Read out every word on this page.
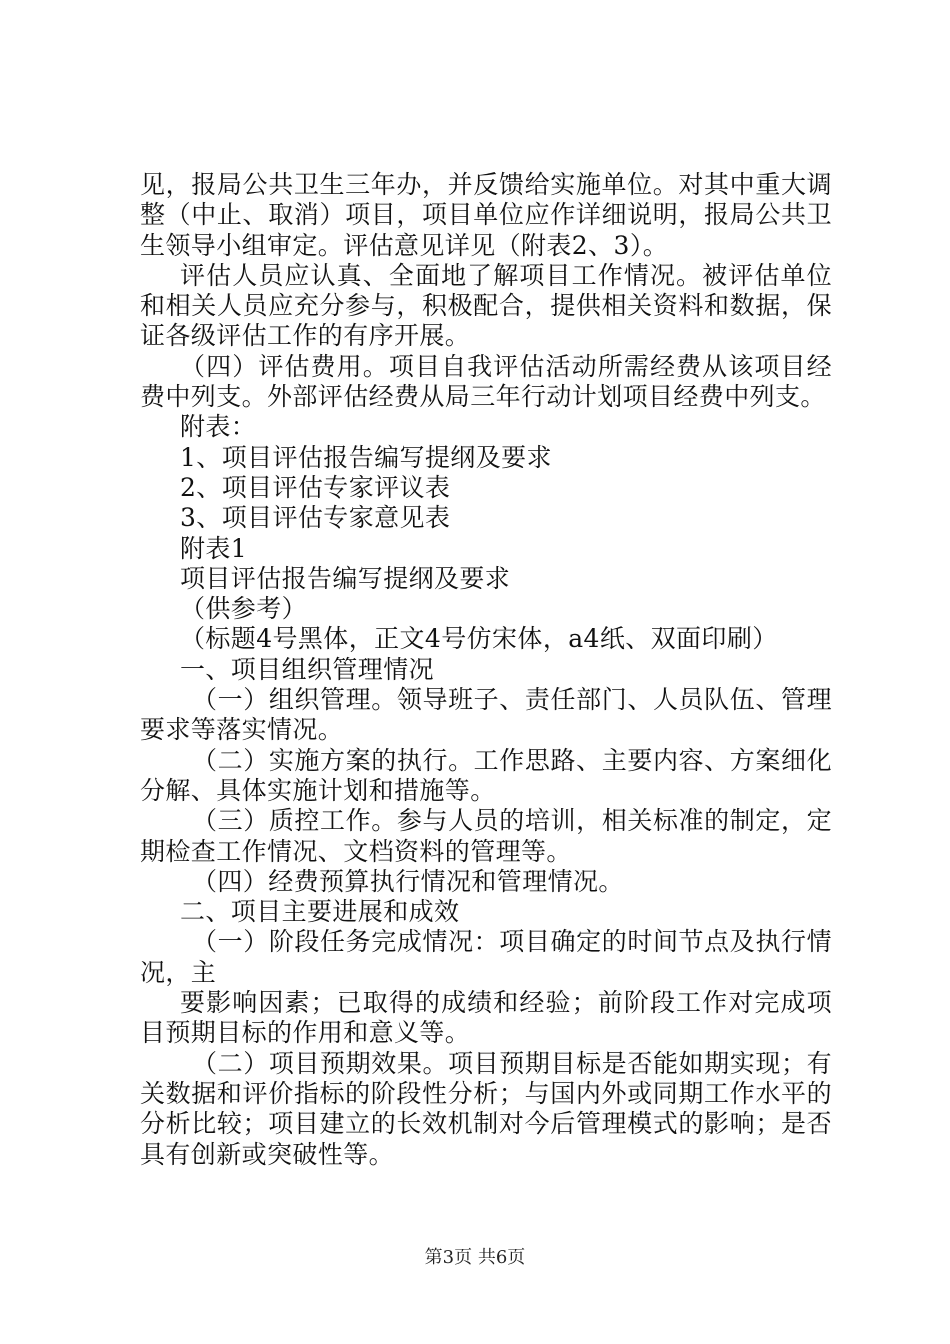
见，报局公共卫生三年办，并反馈给实施单位。对其中重大调
整（中止、取消）项目，项目单位应作详细说明，报局公共卫
生领导小组审定。评估意见详见（附表2、3）。
评估人员应认真、全面地了解项目工作情况。被评估单位
和相关人员应充分参与，积极配合，提供相关资料和数据，保
证各级评估工作的有序开展。
（四）评估费用。项目自我评估活动所需经费从该项目经
费中列支。外部评估经费从局三年行动计划项目经费中列支。
附表：
1、项目评估报告编写提纲及要求
2、项目评估专家评议表
3、项目评估专家意见表
附表1
项目评估报告编写提纲及要求
（供参考）
（标题4号黑体，正文4号仿宋体，a4纸、双面印刷）
一、项目组织管理情况
（一）组织管理。领导班子、责任部门、人员队伍、管理
要求等落实情况。
（二）实施方案的执行。工作思路、主要内容、方案细化
分解、具体实施计划和措施等。
（三）质控工作。参与人员的培训，相关标准的制定，定
期检查工作情况、文档资料的管理等。
（四）经费预算执行情况和管理情况。
二、项目主要进展和成效
（一）阶段任务完成情况：项目确定的时间节点及执行情
况，主
要影响因素；已取得的成绩和经验；前阶段工作对完成项
目预期目标的作用和意义等。
（二）项目预期效果。项目预期目标是否能如期实现；有
关数据和评价指标的阶段性分析；与国内外或同期工作水平的
分析比较；项目建立的长效机制对今后管理模式的影响；是否
具有创新或突破性等。
第3页 共6页
